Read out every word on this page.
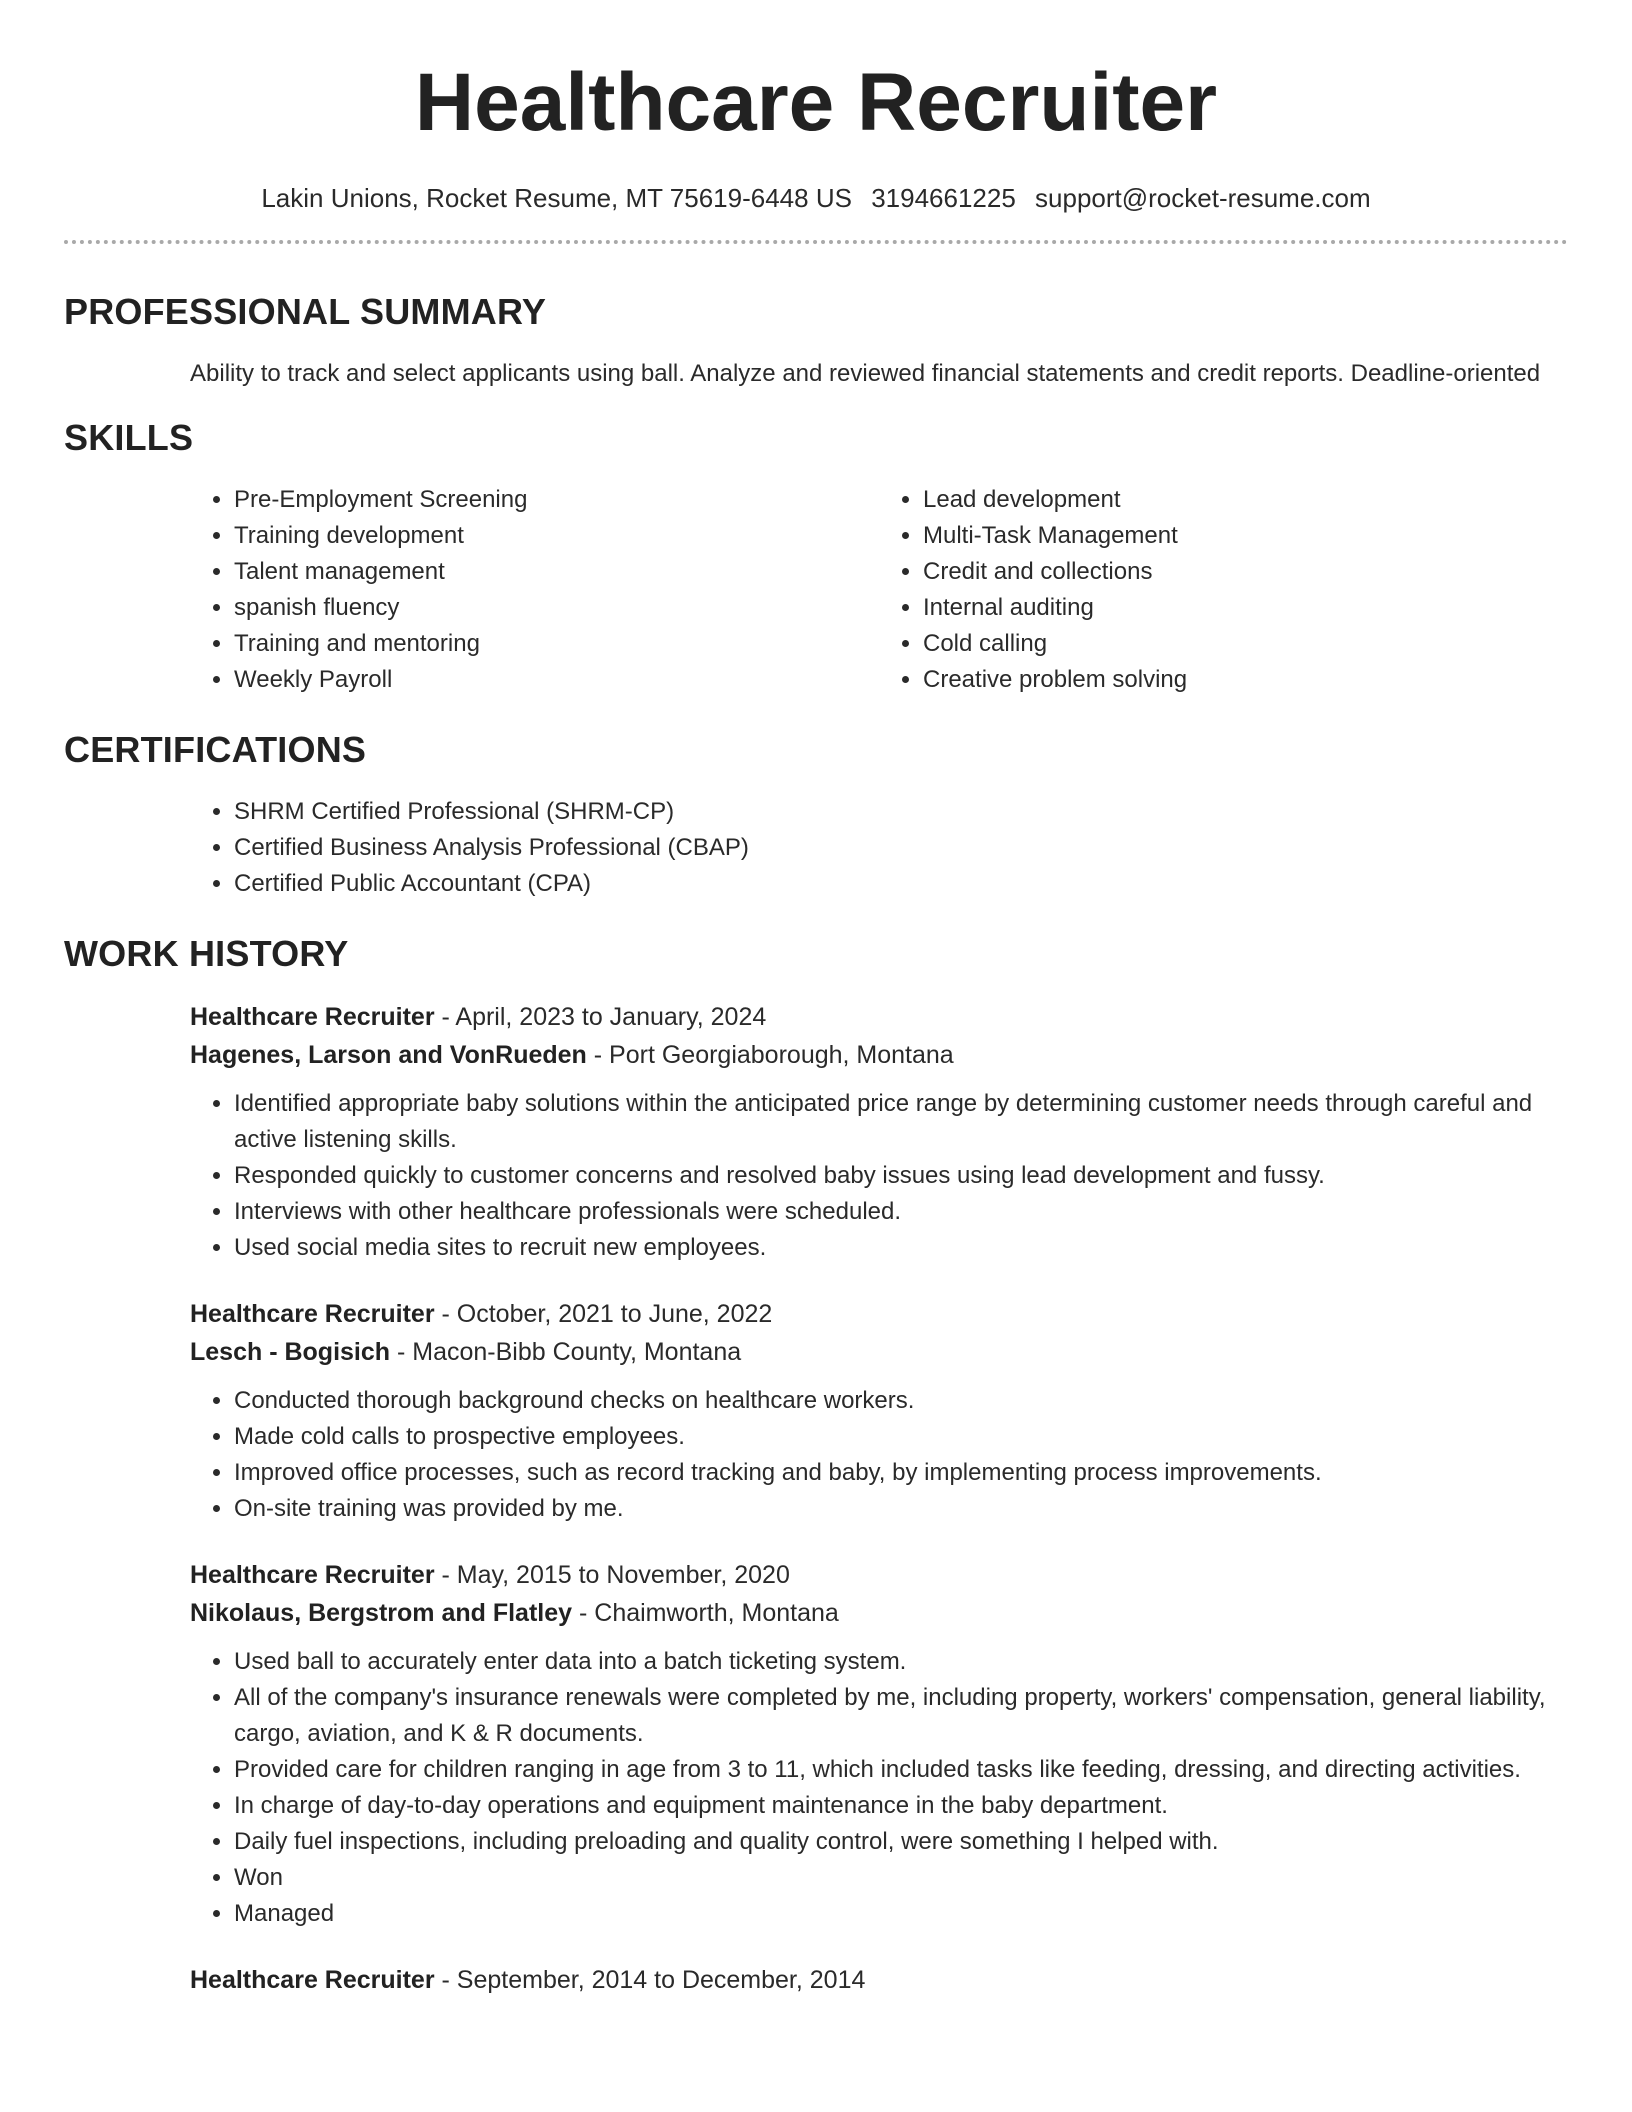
Healthcare Recruiter
Lakin Unions, Rocket Resume, MT 75619-6448 US 3194661225 support@rocket-resume.com
PROFESSIONAL SUMMARY

Ability to track and select applicants using ball. Analyze and reviewed financial statements and credit reports. Deadline-oriented

SKILLS
• Pre-Employment Screening
• Training development
• Talent management
• spanish fluency
• Training and mentoring
• Weekly Payroll
• Lead development
• Multi-Task Management
• Credit and collections
• Internal auditing
• Cold calling
• Creative problem solving
CERTIFICATIONS
• SHRM Certified Professional (SHRM-CP)
• Certified Business Analysis Professional (CBAP)
• Certified Public Accountant (CPA)
WORK HISTORY
Healthcare Recruiter - April, 2023 to January, 2024
Hagenes, Larson and VonRueden - Port Georgiaborough, Montana
• Identified appropriate baby solutions within the anticipated price range by determining customer needs through careful and active listening skills.
• Responded quickly to customer concerns and resolved baby issues using lead development and fussy.
• Interviews with other healthcare professionals were scheduled.
• Used social media sites to recruit new employees.
Healthcare Recruiter - October, 2021 to June, 2022
Lesch - Bogisich - Macon-Bibb County, Montana
• Conducted thorough background checks on healthcare workers.
• Made cold calls to prospective employees.
• Improved office processes, such as record tracking and baby, by implementing process improvements.
• On-site training was provided by me.
Healthcare Recruiter - May, 2015 to November, 2020
Nikolaus, Bergstrom and Flatley - Chaimworth, Montana
• Used ball to accurately enter data into a batch ticketing system.
• All of the company's insurance renewals were completed by me, including property, workers' compensation, general liability, cargo, aviation, and K & R documents.
• Provided care for children ranging in age from 3 to 11, which included tasks like feeding, dressing, and directing activities.
• In charge of day-to-day operations and equipment maintenance in the baby department.
• Daily fuel inspections, including preloading and quality control, were something I helped with.
• Won
• Managed
Healthcare Recruiter - September, 2014 to December, 2014
